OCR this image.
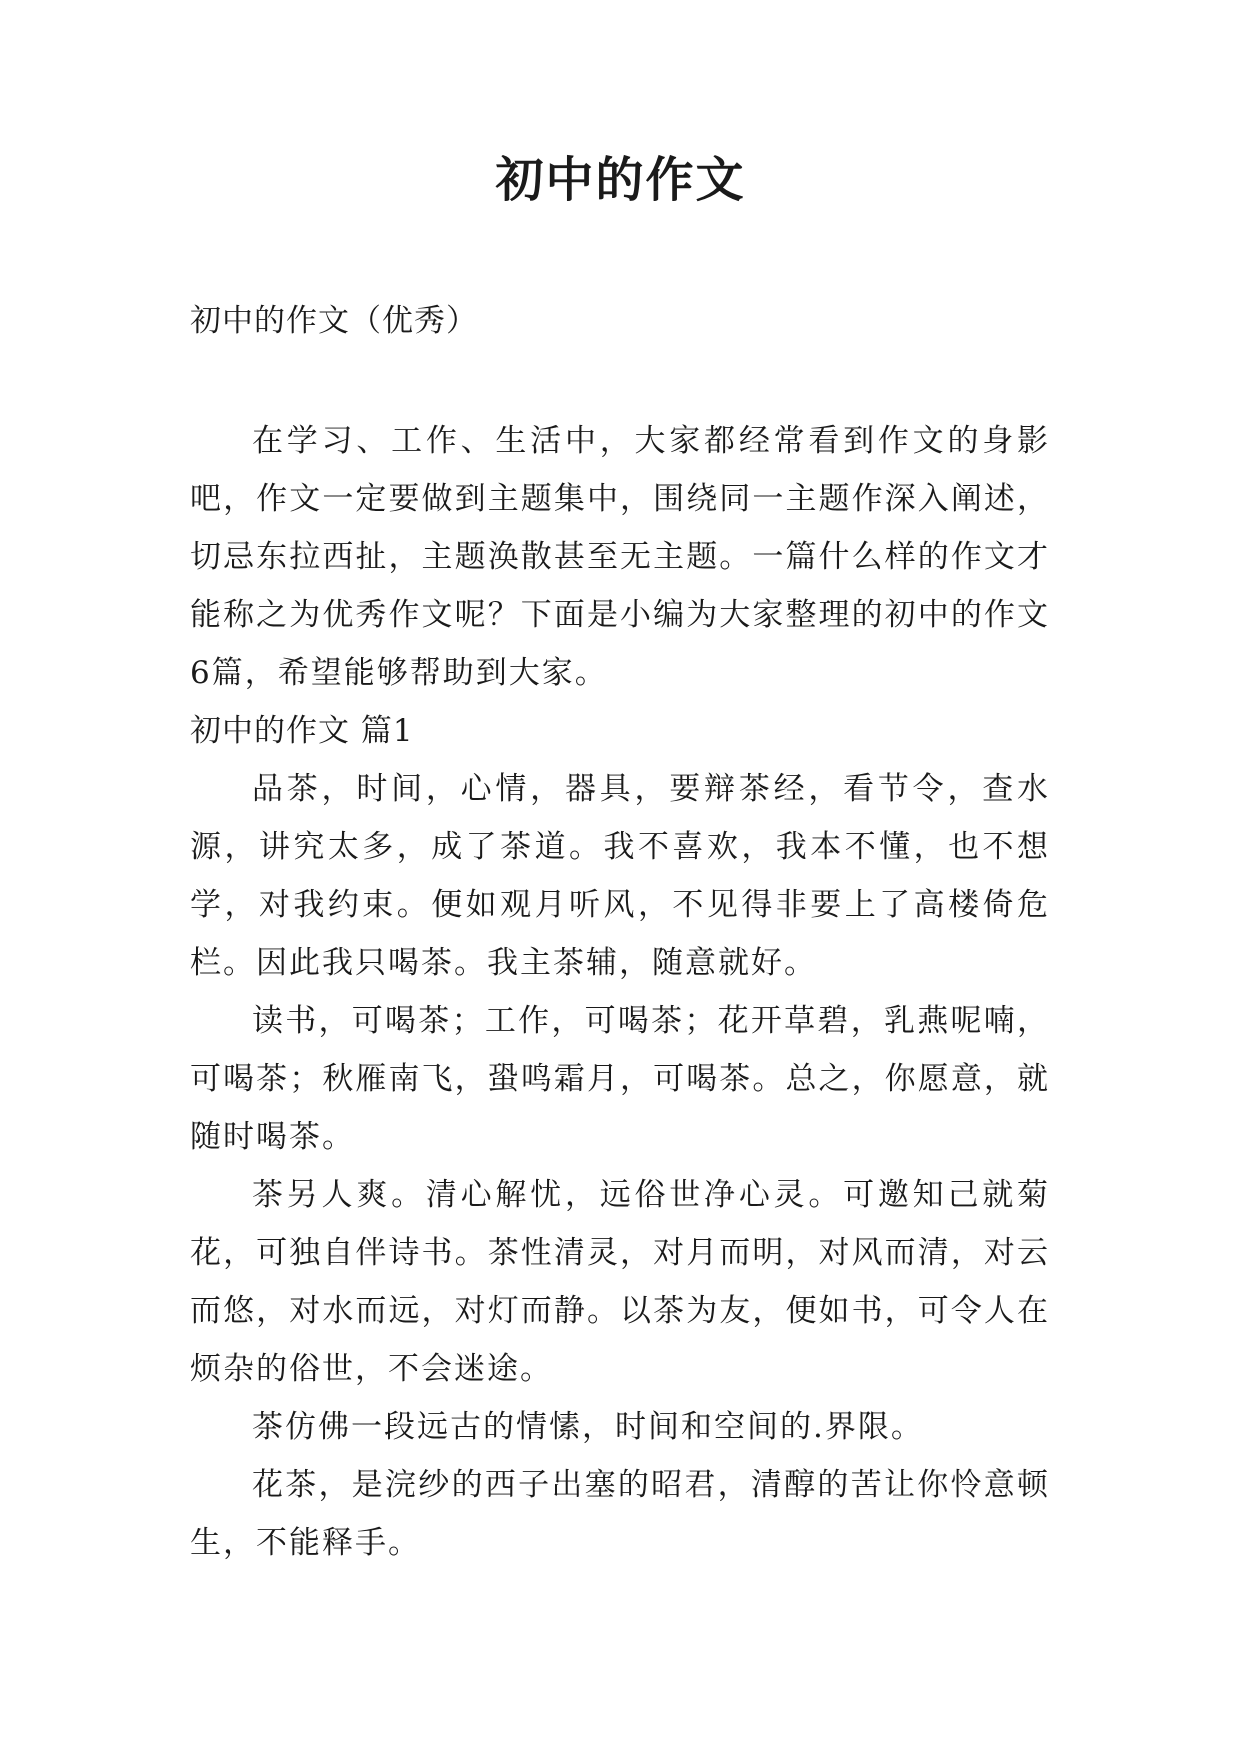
初中的作文

初中的作文（优秀）

在学习、工作、生活中，大家都经常看到作文的身影吧，作文一定要做到主题集中，围绕同一主题作深入阐述，切忌东拉西扯，主题涣散甚至无主题。一篇什么样的作文才能称之为优秀作文呢？下面是小编为大家整理的初中的作文6篇，希望能够帮助到大家。

初中的作文 篇1

品茶，时间，心情，器具，要辩茶经，看节令，查水源，讲究太多，成了茶道。我不喜欢，我本不懂，也不想学，对我约束。便如观月听风，不见得非要上了高楼倚危栏。因此我只喝茶。我主茶辅，随意就好。

读书，可喝茶；工作，可喝茶；花开草碧，乳燕呢喃，可喝茶；秋雁南飞，蛩鸣霜月，可喝茶。总之，你愿意，就随时喝茶。

茶另人爽。清心解忧，远俗世净心灵。可邀知己就菊花，可独自伴诗书。茶性清灵，对月而明，对风而清，对云而悠，对水而远，对灯而静。以茶为友，便如书，可令人在烦杂的俗世，不会迷途。

茶仿佛一段远古的情愫，时间和空间的.界限。

花茶，是浣纱的西子出塞的昭君，清醇的苦让你怜意顿生，不能释手。
